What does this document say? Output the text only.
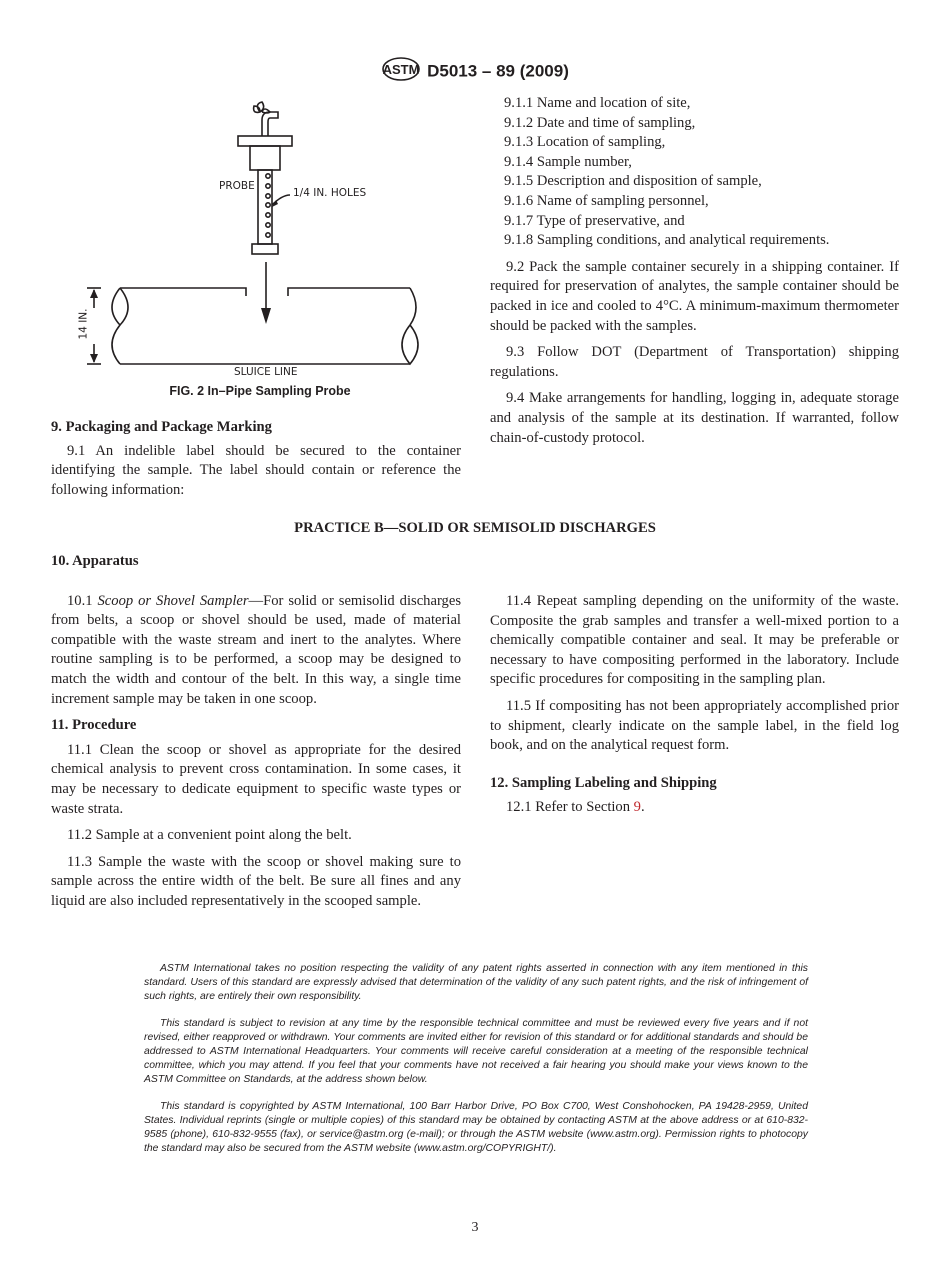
ASTM D5013 – 89 (2009)
PROBE
1/4 IN. HOLES
14 IN.
SLUICE LINE
FIG. 2 In–Pipe Sampling Probe

9. Packaging and Package Marking

9.1 An indelible label should be secured to the container identifying the sample. The label should contain or reference the following information:

9.1.1 Name and location of site,
9.1.2 Date and time of sampling,
9.1.3 Location of sampling,
9.1.4 Sample number,
9.1.5 Description and disposition of sample,
9.1.6 Name of sampling personnel,
9.1.7 Type of preservative, and
9.1.8 Sampling conditions, and analytical requirements.

9.2 Pack the sample container securely in a shipping container. If required for preservation of analytes, the sample container should be packed in ice and cooled to 4°C. A minimum-maximum thermometer should be packed with the samples.

9.3 Follow DOT (Department of Transportation) shipping regulations.

9.4 Make arrangements for handling, logging in, adequate storage and analysis of the sample at its destination. If warranted, follow chain-of-custody protocol.

PRACTICE B—SOLID OR SEMISOLID DISCHARGES

10. Apparatus

10.1 Scoop or Shovel Sampler—For solid or semisolid discharges from belts, a scoop or shovel should be used, made of material compatible with the waste stream and inert to the analytes. Where routine sampling is to be performed, a scoop may be designed to match the width and contour of the belt. In this way, a single time increment sample may be taken in one scoop.

11. Procedure

11.1 Clean the scoop or shovel as appropriate for the desired chemical analysis to prevent cross contamination. In some cases, it may be necessary to dedicate equipment to specific waste types or waste strata.

11.2 Sample at a convenient point along the belt.

11.3 Sample the waste with the scoop or shovel making sure to sample across the entire width of the belt. Be sure all fines and any liquid are also included representatively in the scooped sample.

11.4 Repeat sampling depending on the uniformity of the waste. Composite the grab samples and transfer a well-mixed portion to a chemically compatible container and seal. It may be preferable or necessary to have compositing performed in the laboratory. Include specific procedures for compositing in the sampling plan.

11.5 If compositing has not been appropriately accomplished prior to shipment, clearly indicate on the sample label, in the field log book, and on the analytical request form.

12. Sampling Labeling and Shipping

12.1 Refer to Section 9.

ASTM International takes no position respecting the validity of any patent rights asserted in connection with any item mentioned in this standard. Users of this standard are expressly advised that determination of the validity of any such patent rights, and the risk of infringement of such rights, are entirely their own responsibility.

This standard is subject to revision at any time by the responsible technical committee and must be reviewed every five years and if not revised, either reapproved or withdrawn. Your comments are invited either for revision of this standard or for additional standards and should be addressed to ASTM International Headquarters. Your comments will receive careful consideration at a meeting of the responsible technical committee, which you may attend. If you feel that your comments have not received a fair hearing you should make your views known to the ASTM Committee on Standards, at the address shown below.

This standard is copyrighted by ASTM International, 100 Barr Harbor Drive, PO Box C700, West Conshohocken, PA 19428-2959, United States. Individual reprints (single or multiple copies) of this standard may be obtained by contacting ASTM at the above address or at 610-832-9585 (phone), 610-832-9555 (fax), or service@astm.org (e-mail); or through the ASTM website (www.astm.org). Permission rights to photocopy the standard may also be secured from the ASTM website (www.astm.org/COPYRIGHT/).

3
